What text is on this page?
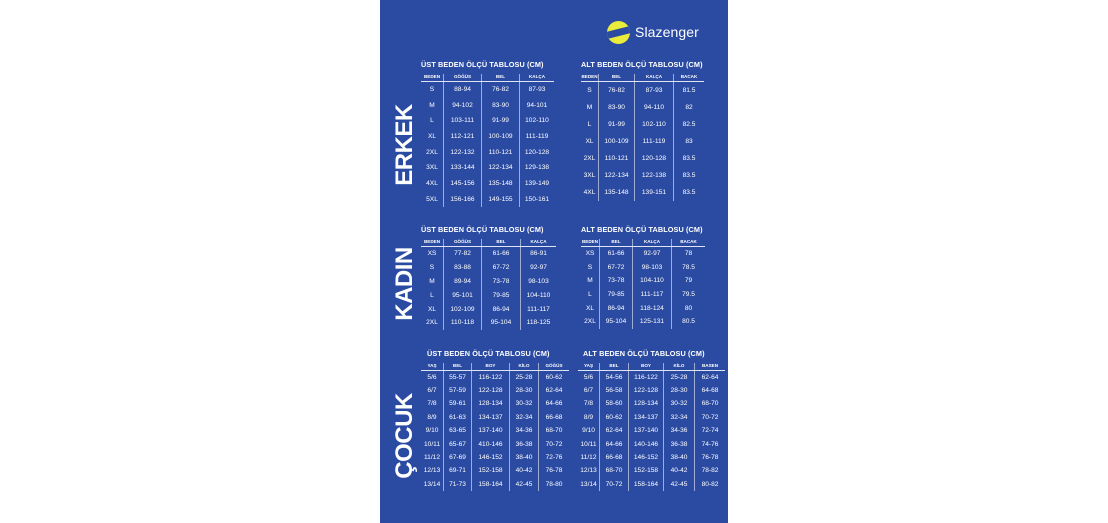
Slazenger
ERKEK
ÜST BEDEN ÖLÇÜ TABLOSU (CM)
BEDEN	GÖĞÜS	BEL	KALÇA
S	88-94	76-82	87-93
M	94-102	83-90	94-101
L	103-111	91-99	102-110
XL	112-121	100-109	111-119
2XL	122-132	110-121	120-128
3XL	133-144	122-134	129-138
4XL	145-156	135-148	139-149
5XL	156-166	149-155	150-161
ALT BEDEN ÖLÇÜ TABLOSU (CM)
BEDEN	BEL	KALÇA	BACAK
S	76-82	87-93	81.5
M	83-90	94-110	82
L	91-99	102-110	82.5
XL	100-109	111-119	83
2XL	110-121	120-128	83.5
3XL	122-134	122-138	83.5
4XL	135-148	139-151	83.5
KADIN
ÜST BEDEN ÖLÇÜ TABLOSU (CM)
BEDEN	GÖĞÜS	BEL	KALÇA
XS	77-82	61-66	86-91
S	83-88	67-72	92-97
M	89-94	73-78	98-103
L	95-101	79-85	104-110
XL	102-109	86-94	111-117
2XL	110-118	95-104	118-125
ALT BEDEN ÖLÇÜ TABLOSU (CM)
BEDEN	BEL	KALÇA	BACAK
XS	61-66	92-97	78
S	67-72	98-103	78.5
M	73-78	104-110	79
L	79-85	111-117	79.5
XL	86-94	118-124	80
2XL	95-104	125-131	80.5
ÇOCUK
ÜST BEDEN ÖLÇÜ TABLOSU (CM)
YAŞ	BEL	BOY	KİLO	GÖĞÜS
5/6	55-57	116-122	25-28	60-62
6/7	57-59	122-128	28-30	62-64
7/8	59-61	128-134	30-32	64-66
8/9	61-63	134-137	32-34	66-68
9/10	63-65	137-140	34-36	68-70
10/11	65-67	410-146	36-38	70-72
11/12	67-69	146-152	38-40	72-76
12/13	69-71	152-158	40-42	76-78
13/14	71-73	158-164	42-45	78-80
ALT BEDEN ÖLÇÜ TABLOSU (CM)
YAŞ	BEL	BOY	KİLO	BASEN
5/6	54-56	116-122	25-28	62-64
6/7	56-58	122-128	28-30	64-68
7/8	58-60	128-134	30-32	68-70
8/9	60-62	134-137	32-34	70-72
9/10	62-64	137-140	34-36	72-74
10/11	64-66	140-146	36-38	74-76
11/12	66-68	146-152	38-40	76-78
12/13	68-70	152-158	40-42	78-82
13/14	70-72	158-164	42-45	80-82
